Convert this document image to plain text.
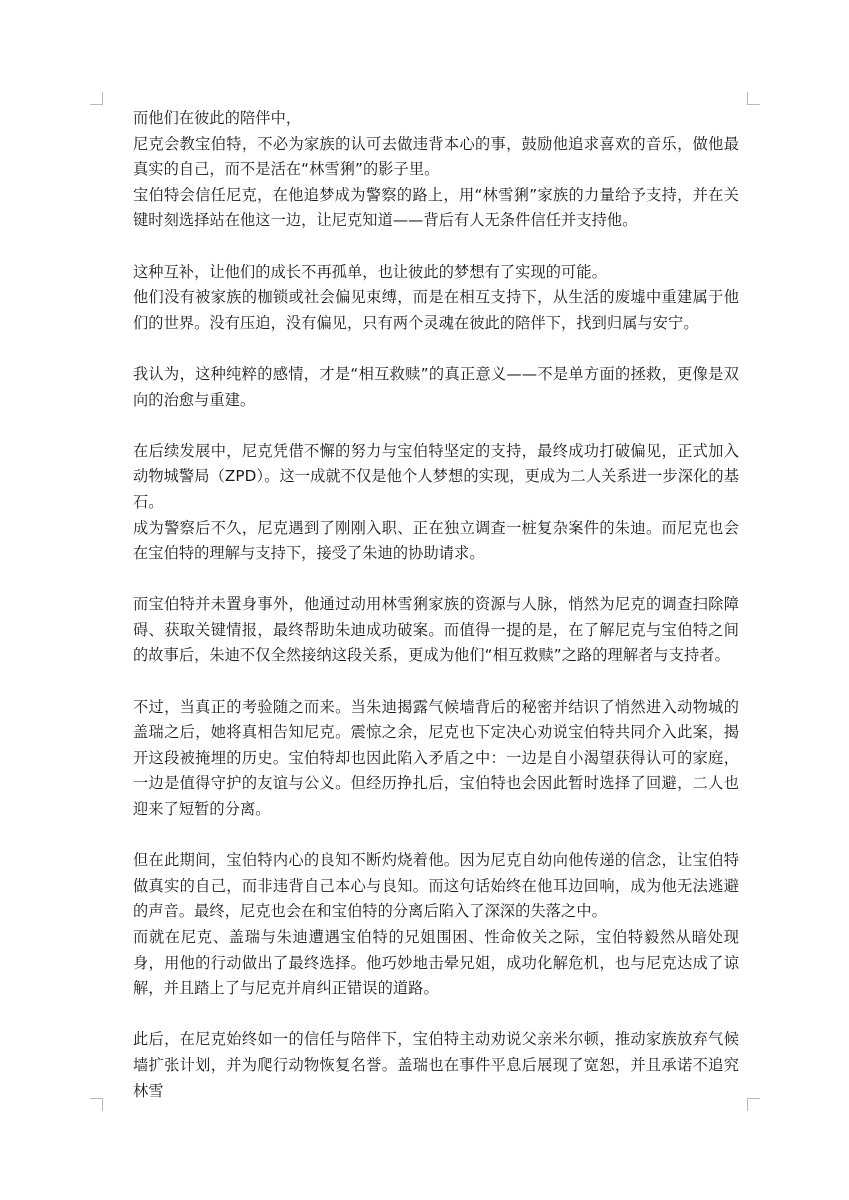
而他们在彼此的陪伴中，

尼克会教宝伯特，不必为家族的认可去做违背本心的事，鼓励他追求喜欢的音乐，做他最真实的自己，而不是活在“林雪猁”的影子里。

宝伯特会信任尼克，在他追梦成为警察的路上，用“林雪猁”家族的力量给予支持，并在关键时刻选择站在他这一边，让尼克知道——背后有人无条件信任并支持他。

这种互补，让他们的成长不再孤单，也让彼此的梦想有了实现的可能。

他们没有被家族的枷锁或社会偏见束缚，而是在相互支持下，从生活的废墟中重建属于他们的世界。没有压迫，没有偏见，只有两个灵魂在彼此的陪伴下，找到归属与安宁。

我认为，这种纯粹的感情，才是“相互救赎”的真正意义——不是单方面的拯救，更像是双向的治愈与重建。

在后续发展中，尼克凭借不懈的努力与宝伯特坚定的支持，最终成功打破偏见，正式加入动物城警局（ZPD）。这一成就不仅是他个人梦想的实现，更成为二人关系进一步深化的基石。

成为警察后不久，尼克遇到了刚刚入职、正在独立调查一桩复杂案件的朱迪。而尼克也会在宝伯特的理解与支持下，接受了朱迪的协助请求。

而宝伯特并未置身事外，他通过动用林雪猁家族的资源与人脉，悄然为尼克的调查扫除障碍、获取关键情报，最终帮助朱迪成功破案。而值得一提的是，在了解尼克与宝伯特之间的故事后，朱迪不仅全然接纳这段关系，更成为他们“相互救赎”之路的理解者与支持者。

不过，当真正的考验随之而来。当朱迪揭露气候墙背后的秘密并结识了悄然进入动物城的盖瑞之后，她将真相告知尼克。震惊之余，尼克也下定决心劝说宝伯特共同介入此案，揭开这段被掩埋的历史。宝伯特却也因此陷入矛盾之中：一边是自小渴望获得认可的家庭，一边是值得守护的友谊与公义。但经历挣扎后，宝伯特也会因此暂时选择了回避，二人也迎来了短暂的分离。

但在此期间，宝伯特内心的良知不断灼烧着他。因为尼克自幼向他传递的信念，让宝伯特做真实的自己，而非违背自己本心与良知。而这句话始终在他耳边回响，成为他无法逃避的声音。最终，尼克也会在和宝伯特的分离后陷入了深深的失落之中。

而就在尼克、盖瑞与朱迪遭遇宝伯特的兄姐围困、性命攸关之际，宝伯特毅然从暗处现身，用他的行动做出了最终选择。他巧妙地击晕兄姐，成功化解危机，也与尼克达成了谅解，并且踏上了与尼克并肩纠正错误的道路。

此后，在尼克始终如一的信任与陪伴下，宝伯特主动劝说父亲米尔顿，推动家族放弃气候墙扩张计划，并为爬行动物恢复名誉。盖瑞也在事件平息后展现了宽恕，并且承诺不追究林雪
